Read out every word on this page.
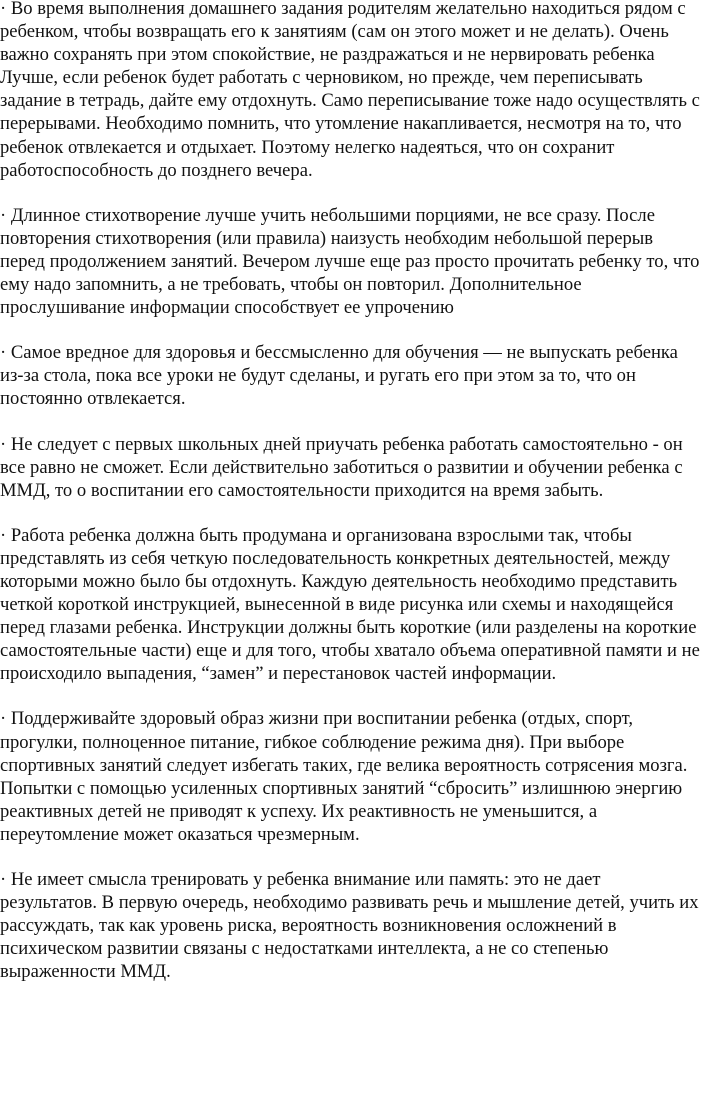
· Во время выполнения домашнего задания родителям желательно находиться рядом с ребенком, чтобы возвращать его к занятиям (сам он этого может и не делать). Очень важно сохранять при этом спокойствие, не раздражаться и не нервировать ребенка Лучше, если ребенок будет работать с черновиком, но прежде, чем переписывать задание в тетрадь, дайте ему отдохнуть. Само переписывание тоже надо осуществлять с перерывами. Необходимо помнить, что утомление накапливается, несмотря на то, что ребенок отвлекается и отдыхает. Поэтому нелегко надеяться, что он сохранит работоспособность до позднего вечера.

· Длинное стихотворение лучше учить небольшими порциями, не все сразу. После повторения стихотворения (или правила) наизусть необходим небольшой перерыв перед продолжением занятий. Вечером лучше еще раз просто прочитать ребенку то, что ему надо запомнить, а не требовать, чтобы он повторил. Дополнительное прослушивание информации способствует ее упрочению

· Самое вредное для здоровья и бессмысленно для обучения — не выпускать ребенка из-за стола, пока все уроки не будут сделаны, и ругать его при этом за то, что он постоянно отвлекается.

· Не следует с первых школьных дней приучать ребенка работать самостоятельно - он все равно не сможет. Если действительно заботиться о развитии и обучении ребенка с ММД, то о воспитании его самостоятельности приходится на время забыть.

· Работа ребенка должна быть продумана и организована взрослыми так, чтобы представлять из себя четкую последовательность конкретных деятельностей, между которыми можно было бы отдохнуть. Каждую деятельность необходимо представить четкой короткой инструкцией, вынесенной в виде рисунка или схемы и находящейся перед глазами ребенка. Инструкции должны быть короткие (или разделены на короткие самостоятельные части) еще и для того, чтобы хватало объема оперативной памяти и не происходило выпадения, “замен” и перестановок частей информации.

· Поддерживайте здоровый образ жизни при воспитании ребенка (отдых, спорт, прогулки, полноценное питание, гибкое соблюдение режима дня). При выборе спортивных занятий следует избегать таких, где велика вероятность сотрясения мозга. Попытки с помощью усиленных спортивных занятий “сбросить” излишнюю энергию реактивных детей не приводят к успеху. Их реактивность не уменьшится, а переутомление может оказаться чрезмерным.

· Не имеет смысла тренировать у ребенка внимание или память: это не дает результатов. В первую очередь, необходимо развивать речь и мышление детей, учить их рассуждать, так как уровень риска, вероятность возникновения осложнений в психическом развитии связаны с недостатками интеллекта, а не со степенью выраженности ММД.
